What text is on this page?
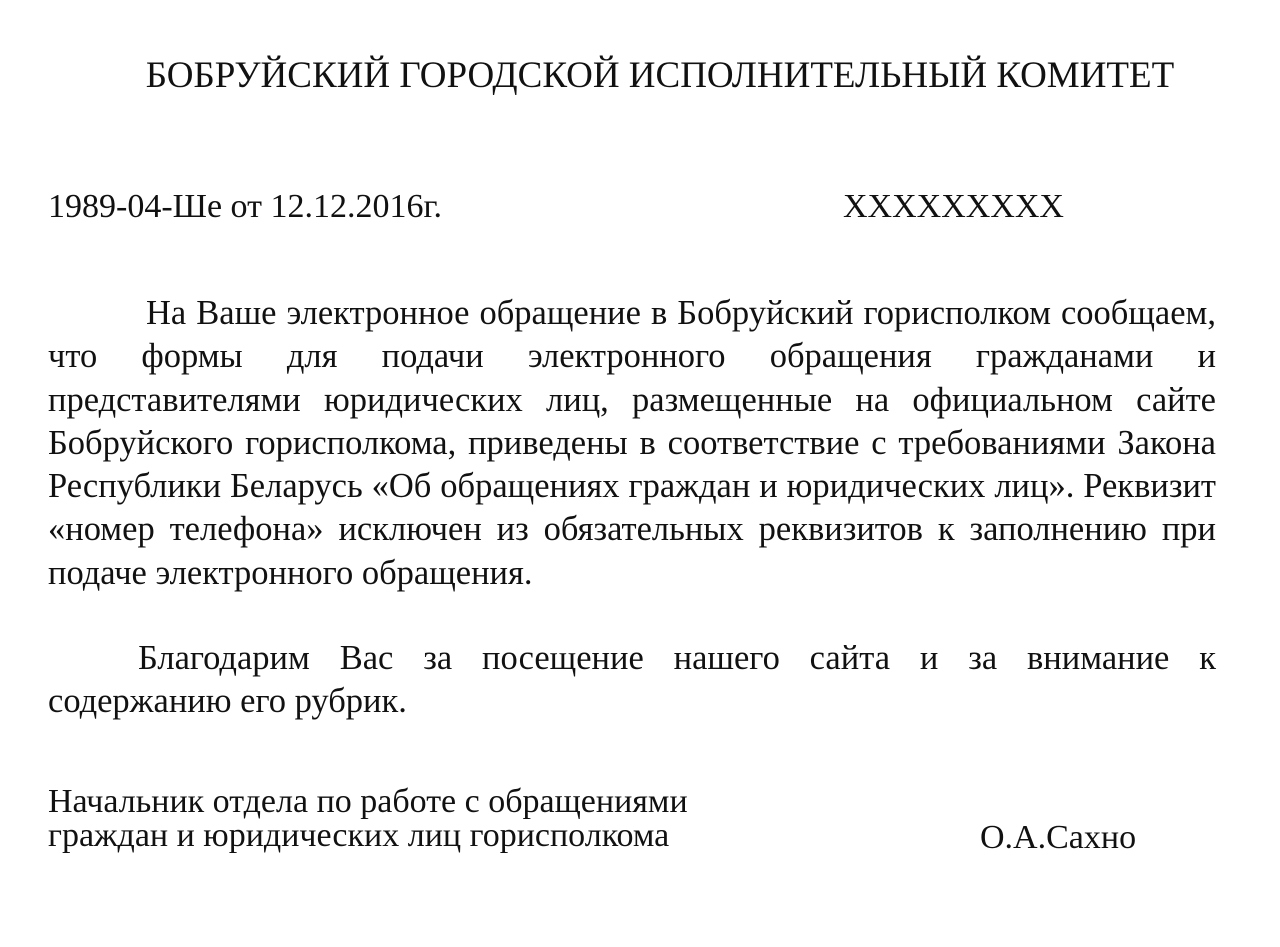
БОБРУЙСКИЙ ГОРОДСКОЙ ИСПОЛНИТЕЛЬНЫЙ КОМИТЕТ
1989-04-Ше от 12.12.2016г.	XXXXXXXXX

На Ваше электронное обращение в Бобруйский горисполком сообщаем, что формы для подачи электронного обращения гражданами и представителями юридических лиц, размещенные на официальном сайте Бобруйского горисполкома, приведены в соответствие с требованиями Закона Республики Беларусь «Об обращениях граждан и юридических лиц». Реквизит «номер телефона» исключен из обязательных реквизитов к заполнению при подаче электронного обращения.

Благодарим Вас за посещение нашего сайта и за внимание к содержанию его рубрик.

Начальник отдела по работе с обращениями
граждан и юридических лиц горисполкома	О.А.Сахно
